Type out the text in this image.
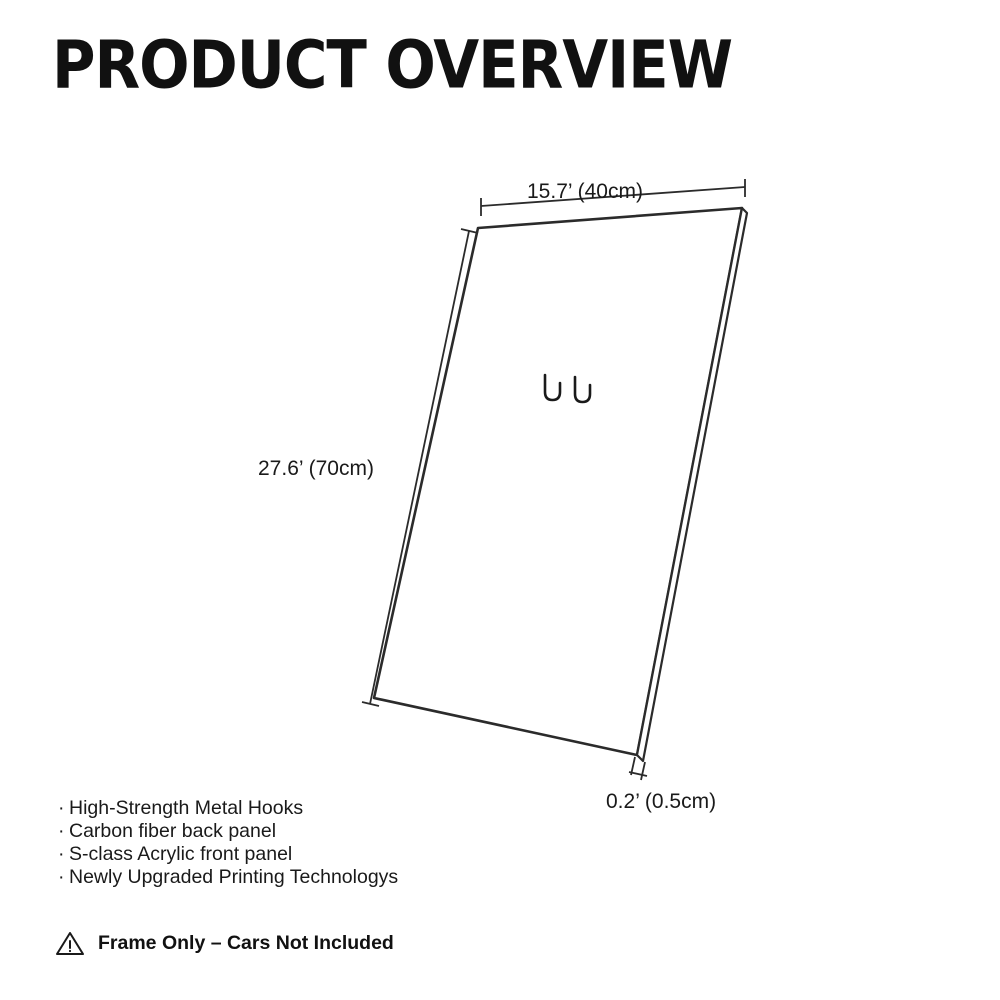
PRODUCT OVERVIEW
15.7’ (40cm)
27.6’ (70cm)
0.2’ (0.5cm)
· High-Strength Metal Hooks
· Carbon fiber back panel
· S-class Acrylic front panel
· Newly Upgraded Printing Technologys
Frame Only – Cars Not Included
